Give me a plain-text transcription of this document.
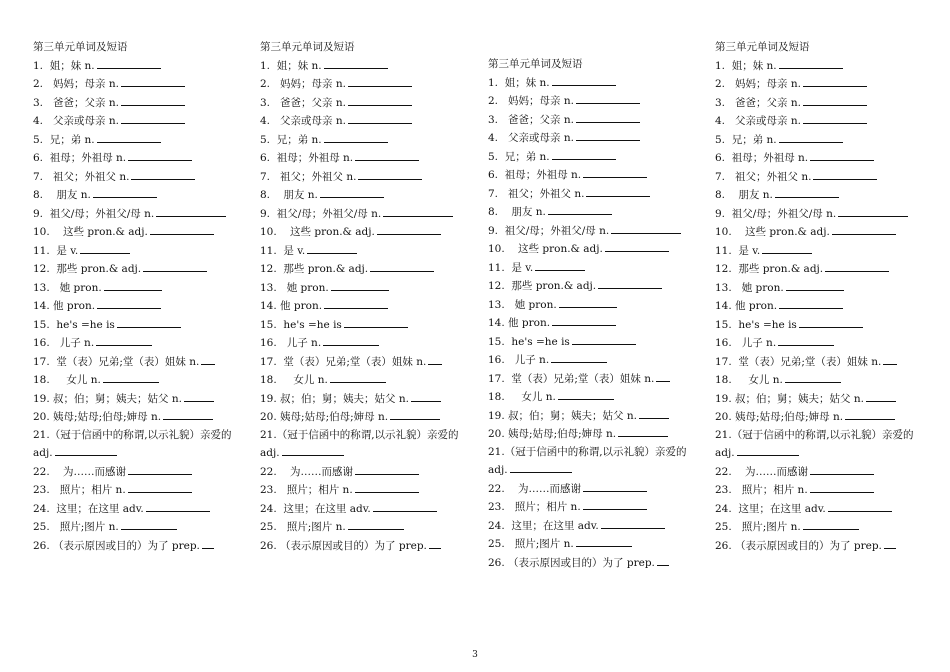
第三单元单词及短语
1.  姐；妹 n.
2.   妈妈；母亲 n.
3.   爸爸；父亲 n.
4.   父亲或母亲 n.
5.  兄；弟 n.
6.  祖母；外祖母 n.
7.   祖父；外祖父 n.
8.    朋友 n.
9.  祖父/母；外祖父/母 n.
10.    这些 pron.& adj.
11.  是 v.
12.  那些 pron.& adj.
13.   她 pron.
14. 他 pron.
15.  he's =he is
16.   儿子 n.
17.  堂（表）兄弟;堂（表）姐妹 n.
18.     女儿 n.
19. 叔；伯；舅；姨夫；姑父 n.
20. 姨母;姑母;伯母;婶母 n.
21.（冠于信函中的称谓,以示礼貌）亲爱的 adj.
22.    为……而感谢
23.   照片；相片 n.
24.  这里；在这里 adv.
25.   照片;图片 n.
26. （表示原因或目的）为了 prep.
第三单元单词及短语
1.  姐；妹 n.
2.   妈妈；母亲 n.
3.   爸爸；父亲 n.
4.   父亲或母亲 n.
5.  兄；弟 n.
6.  祖母；外祖母 n.
7.   祖父；外祖父 n.
8.    朋友 n.
9.  祖父/母；外祖父/母 n.
10.    这些 pron.& adj.
11.  是 v.
12.  那些 pron.& adj.
13.   她 pron.
14. 他 pron.
15.  he's =he is
16.   儿子 n.
17.  堂（表）兄弟;堂（表）姐妹 n.
18.     女儿 n.
19. 叔；伯；舅；姨夫；姑父 n.
20. 姨母;姑母;伯母;婶母 n.
21.（冠于信函中的称谓,以示礼貌）亲爱的 adj.
22.    为……而感谢
23.   照片；相片 n.
24.  这里；在这里 adv.
25.   照片;图片 n.
26. （表示原因或目的）为了 prep.
第三单元单词及短语
1.  姐；妹 n.
2.   妈妈；母亲 n.
3.   爸爸；父亲 n.
4.   父亲或母亲 n.
5.  兄；弟 n.
6.  祖母；外祖母 n.
7.   祖父；外祖父 n.
8.    朋友 n.
9.  祖父/母；外祖父/母 n.
10.    这些 pron.& adj.
11.  是 v.
12.  那些 pron.& adj.
13.   她 pron.
14. 他 pron.
15.  he's =he is
16.   儿子 n.
17.  堂（表）兄弟;堂（表）姐妹 n.
18.     女儿 n.
19. 叔；伯；舅；姨夫；姑父 n.
20. 姨母;姑母;伯母;婶母 n.
21.（冠于信函中的称谓,以示礼貌）亲爱的 adj.
22.    为……而感谢
23.   照片；相片 n.
24.  这里；在这里 adv.
25.   照片;图片 n.
26. （表示原因或目的）为了 prep.
第三单元单词及短语
1.  姐；妹 n.
2.   妈妈；母亲 n.
3.   爸爸；父亲 n.
4.   父亲或母亲 n.
5.  兄；弟 n.
6.  祖母；外祖母 n.
7.   祖父；外祖父 n.
8.    朋友 n.
9.  祖父/母；外祖父/母 n.
10.    这些 pron.& adj.
11.  是 v.
12.  那些 pron.& adj.
13.   她 pron.
14. 他 pron.
15.  he's =he is
16.   儿子 n.
17.  堂（表）兄弟;堂（表）姐妹 n.
18.     女儿 n.
19. 叔；伯；舅；姨夫；姑父 n.
20. 姨母;姑母;伯母;婶母 n.
21.（冠于信函中的称谓,以示礼貌）亲爱的 adj.
22.    为……而感谢
23.   照片；相片 n.
24.  这里；在这里 adv.
25.   照片;图片 n.
26. （表示原因或目的）为了 prep.
3
